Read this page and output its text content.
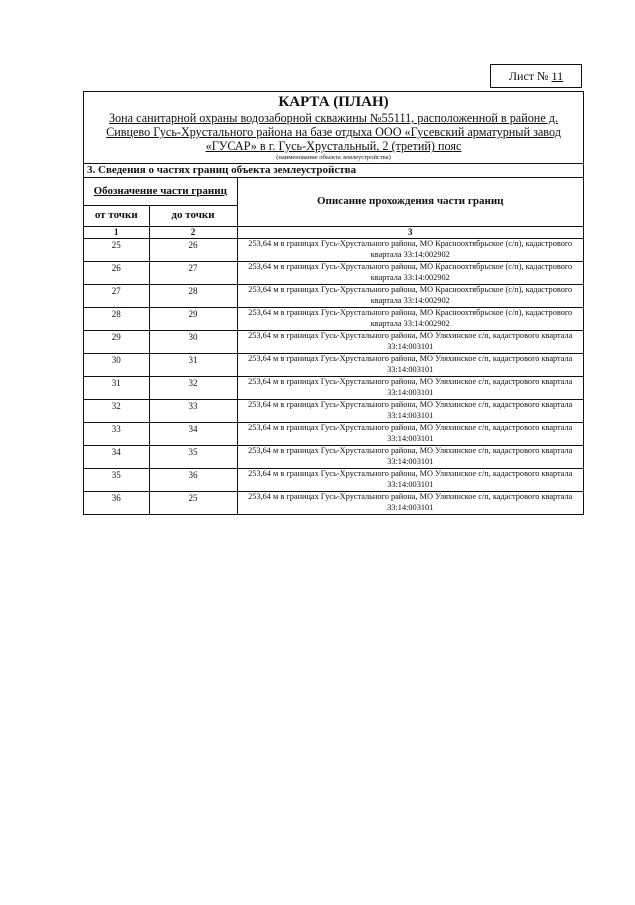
Лист № 11
КАРТА (ПЛАН)
Зона санитарной охраны водозаборной скважины №55111, расположенной в районе д. Сивцево Гусь-Хрустального района на базе отдыха ООО «Гусевский арматурный завод «ГУСАР» в г. Гусь-Хрустальный, 2 (третий) пояс
(наименование объекта землеустройства)
3. Сведения о частях границ объекта землеустройства
Обозначение части границ		Описание прохождения части границ
от точки	до точки	
1	2	3
25	26	253,64 м в границах Гусь-Хрустального района, МО Красноохтябрьское (с/п), кадастрового квартала 33:14:002902
26	27	253,64 м в границах Гусь-Хрустального района, МО Красноохтябрьское (с/п), кадастрового квартала 33:14:002902
27	28	253,64 м в границах Гусь-Хрустального района, МО Красноохтябрьское (с/п), кадастрового квартала 33:14:002902
28	29	253,64 м в границах Гусь-Хрустального района, МО Красноохтябрьское (с/п), кадастрового квартала 33:14:002902
29	30	253,64 м в границах Гусь-Хрустального района, МО Уляхинское с/п, кадастрового квартала 33:14:003101
30	31	253,64 м в границах Гусь-Хрустального района, МО Уляхинское с/п, кадастрового квартала 33:14:003101
31	32	253,64 м в границах Гусь-Хрустального района, МО Уляхинское с/п, кадастрового квартала 33:14:003101
32	33	253,64 м в границах Гусь-Хрустального района, МО Уляхинское с/п, кадастрового квартала 33:14:003101
33	34	253,64 м в границах Гусь-Хрустального района, МО Уляхинское с/п, кадастрового квартала 33:14:003101
34	35	253,64 м в границах Гусь-Хрустального района, МО Уляхинское с/п, кадастрового квартала 33:14:003101
35	36	253,64 м в границах Гусь-Хрустального района, МО Уляхинское с/п, кадастрового квартала 33:14:003101
36	25	253,64 м в границах Гусь-Хрустального района, МО Уляхинское с/п, кадастрового квартала 33:14:003101
